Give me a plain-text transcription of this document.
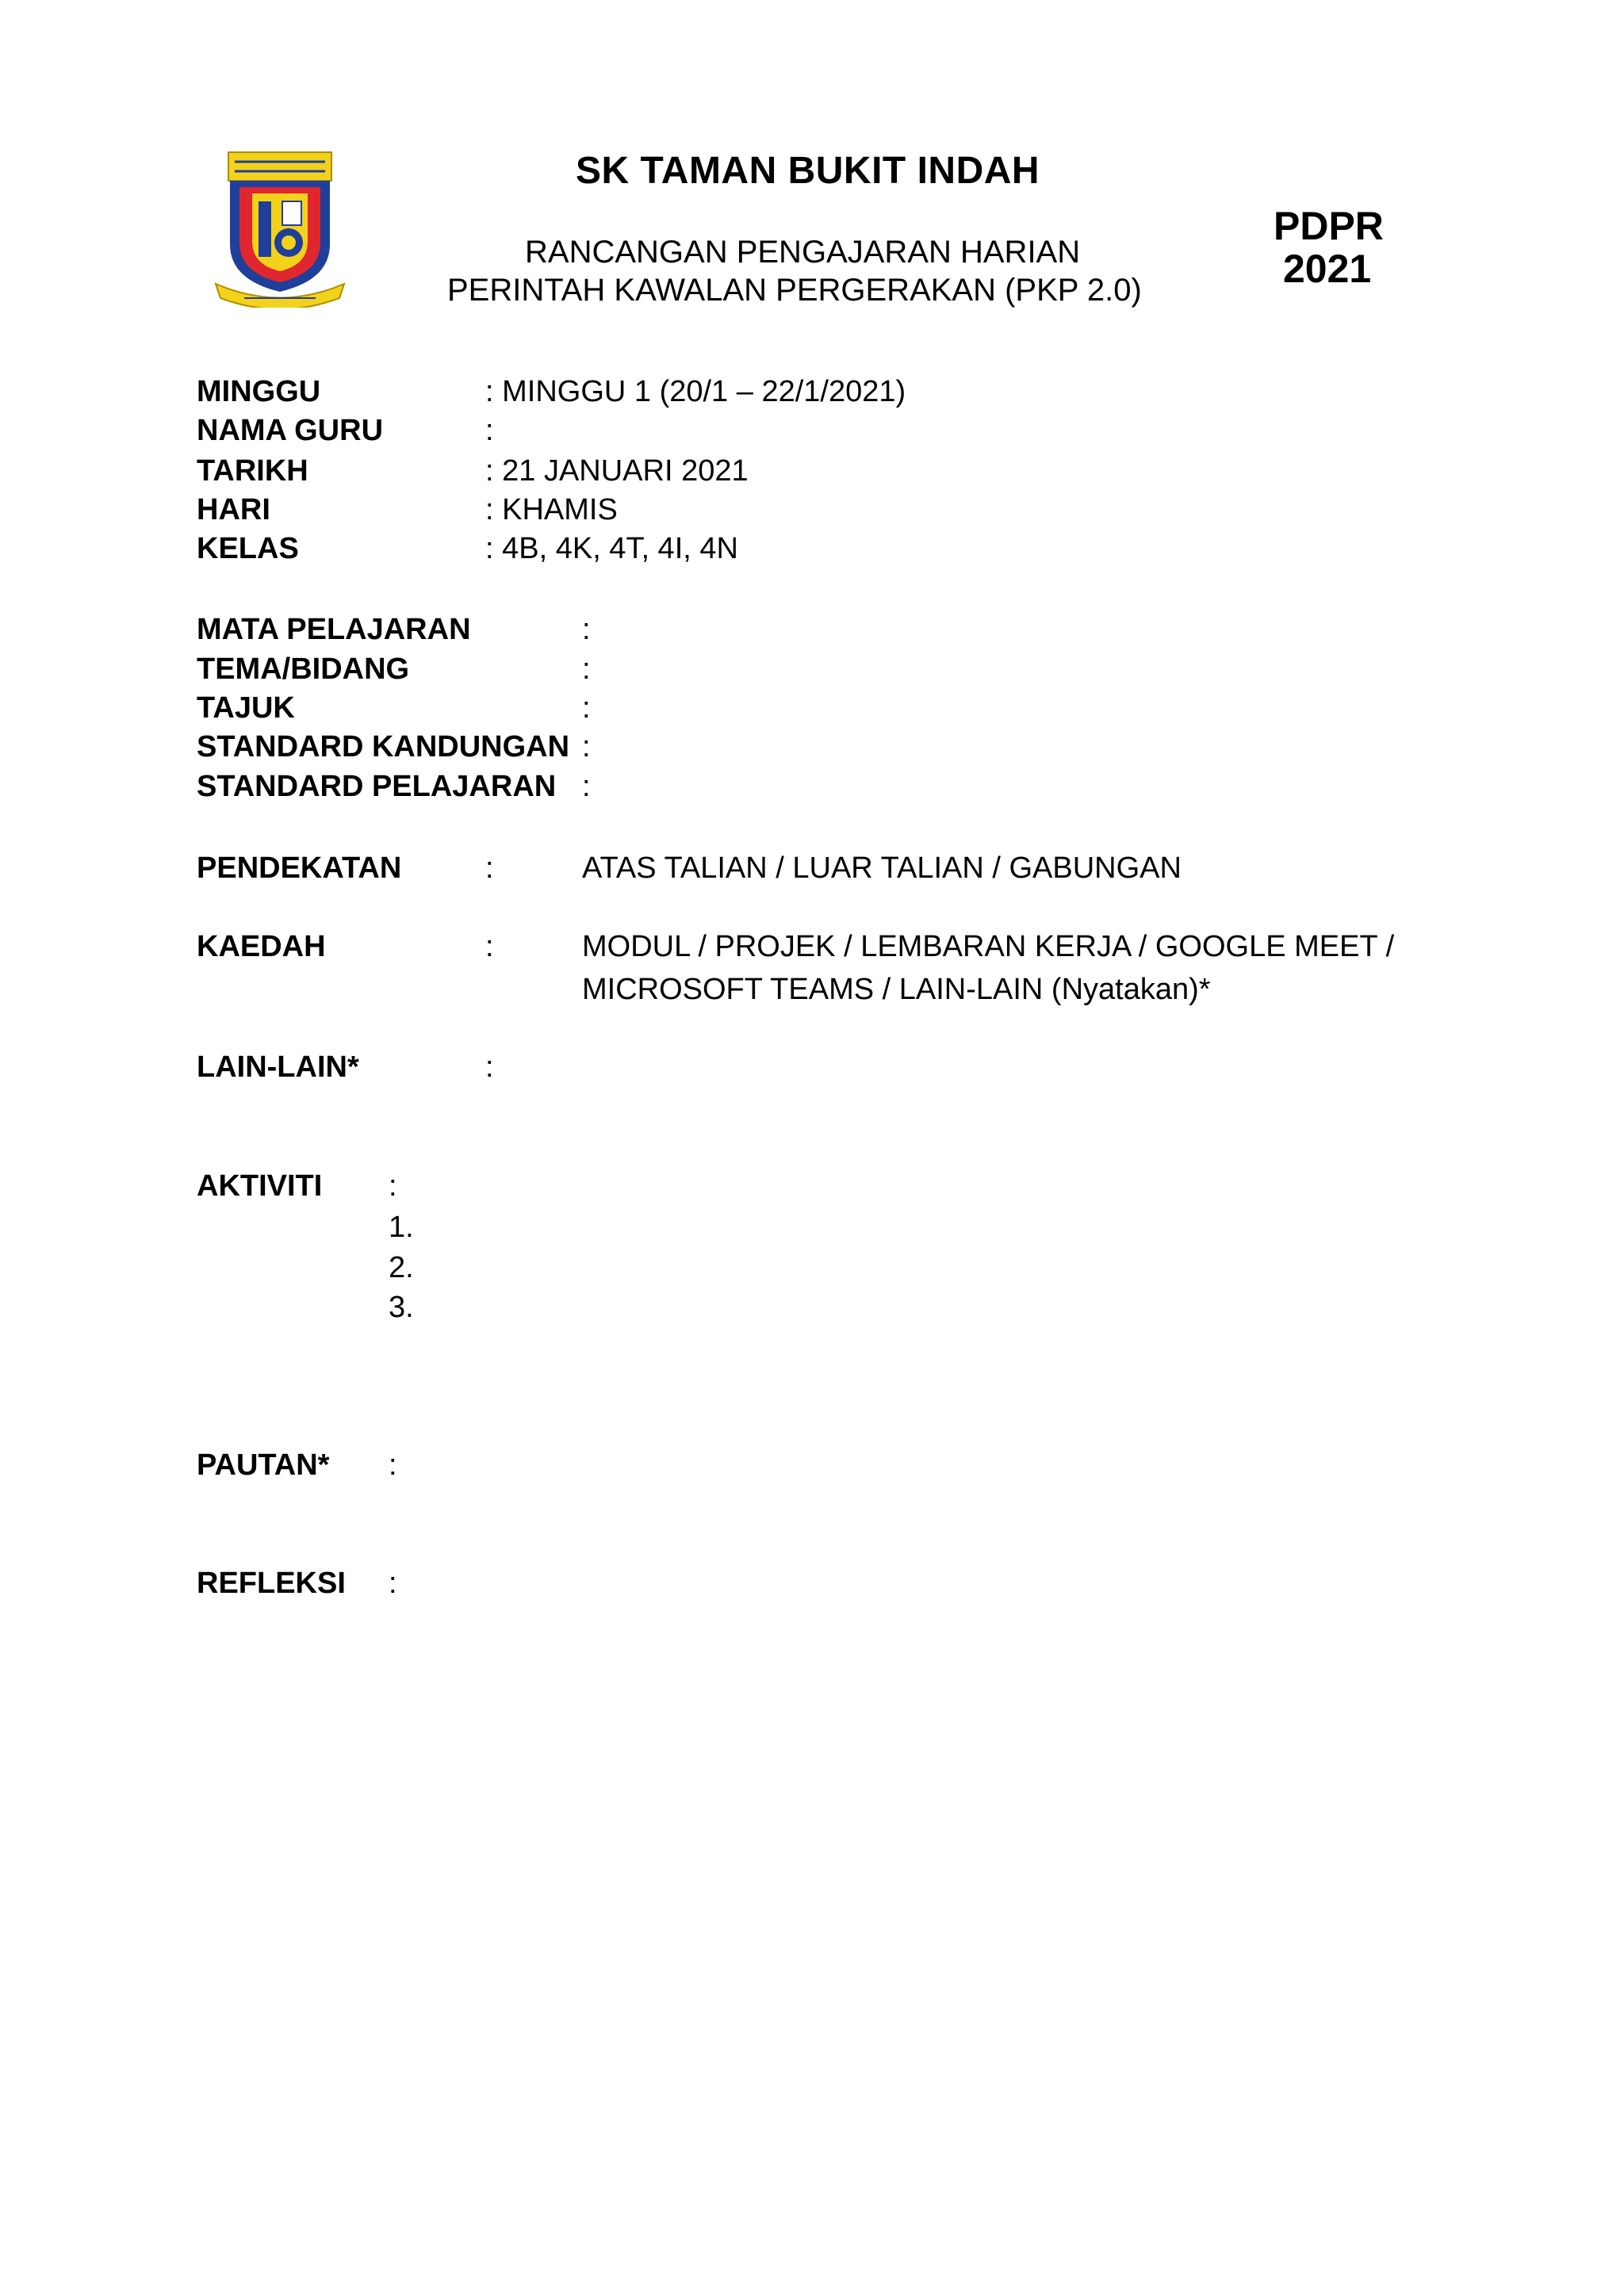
SK TAMAN BUKIT INDAH
RANCANGAN PENGAJARAN HARIAN
PERINTAH KAWALAN PERGERAKAN (PKP 2.0)
PDPR
2021
MINGGU	: MINGGU 1 (20/1 – 22/1/2021)
NAMA GURU	:
TARIKH	: 21 JANUARI 2021
HARI	: KHAMIS
KELAS	: 4B, 4K, 4T, 4I, 4N
MATA PELAJARAN	:
TEMA/BIDANG	:
TAJUK	:
STANDARD KANDUNGAN :
STANDARD PELAJARAN :
PENDEKATAN	:	ATAS TALIAN / LUAR TALIAN / GABUNGAN
KAEDAH	:	MODUL / PROJEK / LEMBARAN KERJA / GOOGLE MEET /
MICROSOFT TEAMS / LAIN-LAIN (Nyatakan)*
LAIN-LAIN*	:
AKTIVITI :
1.
2.
3.
PAUTAN* :
REFLEKSI :
